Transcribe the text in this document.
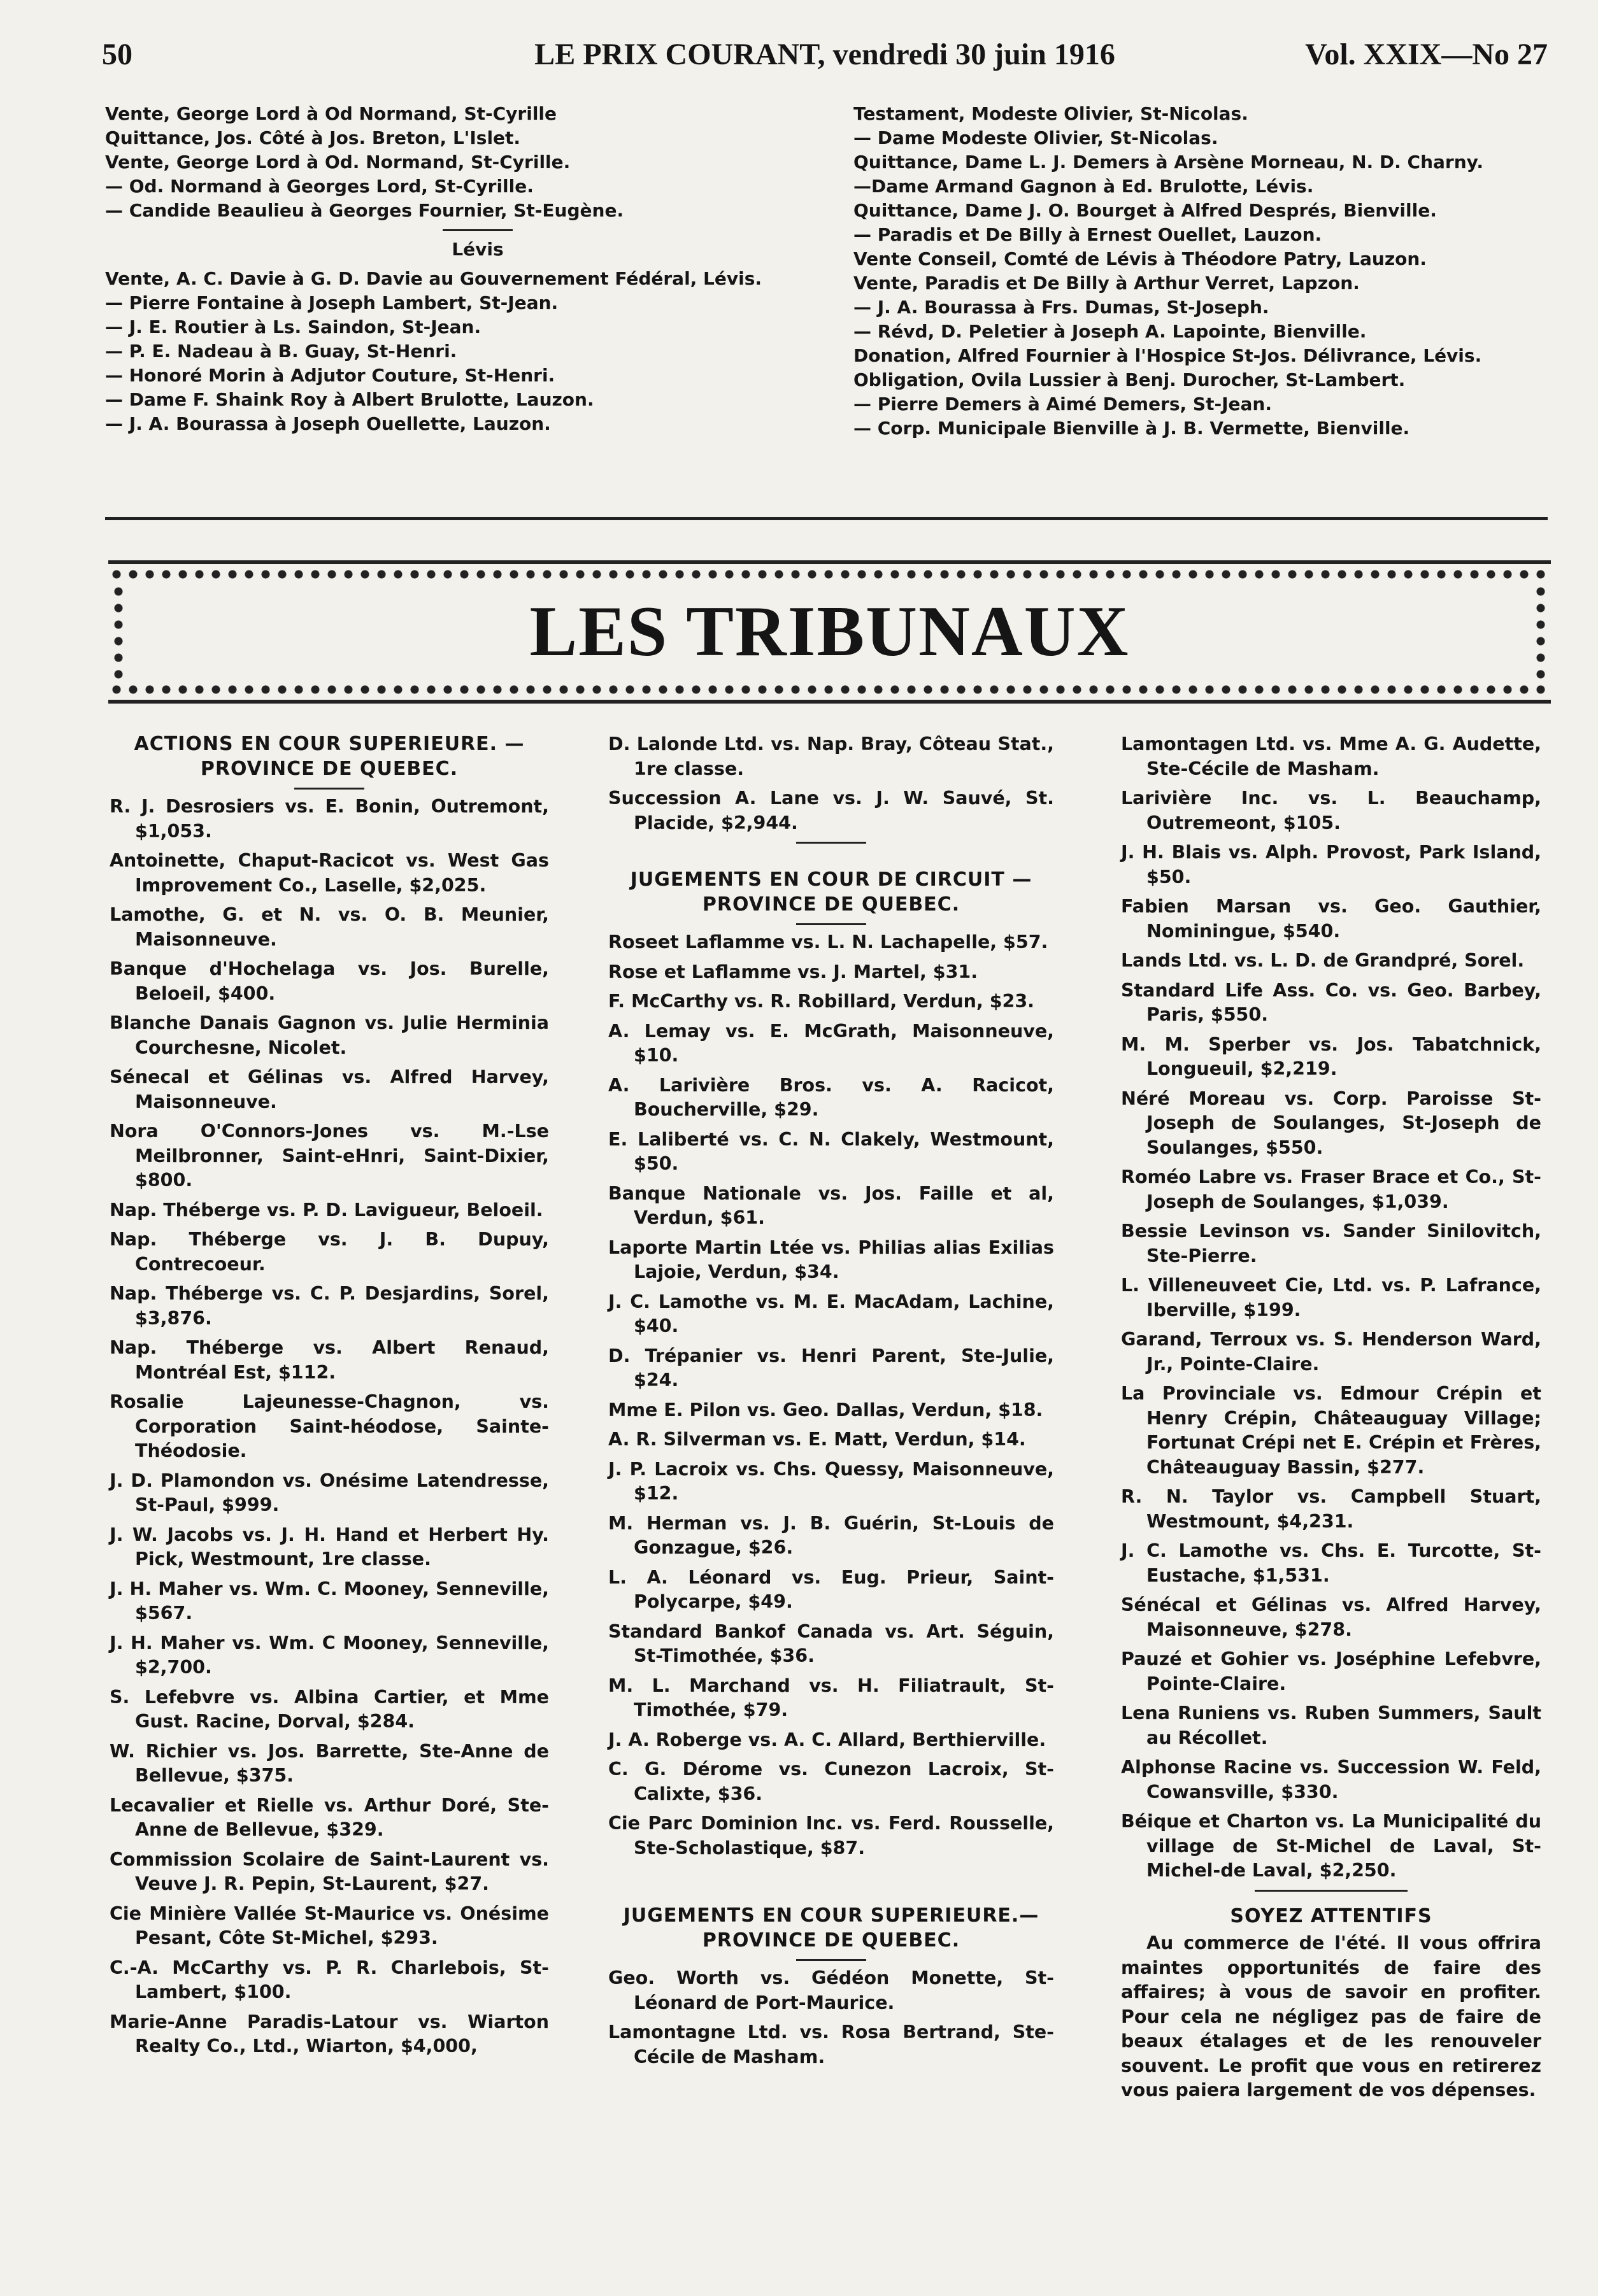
50	LE PRIX COURANT, vendredi 30 juin 1916	Vol. XXIX—No 27

Vente, George Lord à Od Normand, St-Cyrille

Quittance, Jos. Côté à Jos. Breton, L'Islet.

Vente, George Lord à Od. Normand, St-Cyrille.

— Od. Normand à Georges Lord, St-Cyrille.

— Candide Beaulieu à Georges Fournier, St-Eugène.

Lévis

Vente, A. C. Davie à G. D. Davie au Gouvernement Fédéral, Lévis.

— Pierre Fontaine à Joseph Lambert, St-Jean.

— J. E. Routier à Ls. Saindon, St-Jean.

— P. E. Nadeau à B. Guay, St-Henri.

— Honoré Morin à Adjutor Couture, St-Henri.

— Dame F. Shaink Roy à Albert Brulotte, Lauzon.

— J. A. Bourassa à Joseph Ouellette, Lauzon.

Testament, Modeste Olivier, St-Nicolas.

— Dame Modeste Olivier, St-Nicolas.

Quittance, Dame L. J. Demers à Arsène Morneau, N. D. Charny.

—Dame Armand Gagnon à Ed. Brulotte, Lévis.

Quittance, Dame J. O. Bourget à Alfred Després, Bienville.

— Paradis et De Billy à Ernest Ouellet, Lauzon.

Vente Conseil, Comté de Lévis à Théodore Patry, Lauzon.

Vente, Paradis et De Billy à Arthur Verret, Lapzon.

— J. A. Bourassa à Frs. Dumas, St-Joseph.

— Révd, D. Peletier à Joseph A. Lapointe, Bienville.

Donation, Alfred Fournier à l'Hospice St-Jos. Délivrance, Lévis.

Obligation, Ovila Lussier à Benj. Durocher, St-Lambert.

— Pierre Demers à Aimé Demers, St-Jean.

— Corp. Municipale Bienville à J. B. Vermette, Bienville.

LES TRIBUNAUX

ACTIONS EN COUR SUPERIEURE. — PROVINCE DE QUEBEC.

R. J. Desrosiers vs. E. Bonin, Outremont, $1,053.

Antoinette, Chaput-Racicot vs. West Gas Improvement Co., Laselle, $2,025.

Lamothe, G. et N. vs. O. B. Meunier, Maisonneuve.

Banque d'Hochelaga vs. Jos. Burelle, Beloeil, $400.

Blanche Danais Gagnon vs. Julie Herminia Courchesne, Nicolet.

Sénecal et Gélinas vs. Alfred Harvey, Maisonneuve.

Nora O'Connors-Jones vs. M.-Lse Meilbronner, Saint-eHnri, Saint-Dixier, $800.

Nap. Théberge vs. P. D. Lavigueur, Beloeil.

Nap. Théberge vs. J. B. Dupuy, Contrecoeur.

Nap. Théberge vs. C. P. Desjardins, Sorel, $3,876.

Nap. Théberge vs. Albert Renaud, Montréal Est, $112.

Rosalie Lajeunesse-Chagnon, vs. Corporation Saint-héodose, Sainte-Théodosie.

J. D. Plamondon vs. Onésime Latendresse, St-Paul, $999.

J. W. Jacobs vs. J. H. Hand et Herbert Hy. Pick, Westmount, 1re classe.

J. H. Maher vs. Wm. C. Mooney, Senneville, $567.

J. H. Maher vs. Wm. C Mooney, Senneville, $2,700.

S. Lefebvre vs. Albina Cartier, et Mme Gust. Racine, Dorval, $284.

W. Richier vs. Jos. Barrette, Ste-Anne de Bellevue, $375.

Lecavalier et Rielle vs. Arthur Doré, Ste-Anne de Bellevue, $329.

Commission Scolaire de Saint-Laurent vs. Veuve J. R. Pepin, St-Laurent, $27.

Cie Minière Vallée St-Maurice vs. Onésime Pesant, Côte St-Michel, $293.

C.-A. McCarthy vs. P. R. Charlebois, St-Lambert, $100.

Marie-Anne Paradis-Latour vs. Wiarton Realty Co., Ltd., Wiarton, $4,000,

D. Lalonde Ltd. vs. Nap. Bray, Côteau Stat., 1re classe.

Succession A. Lane vs. J. W. Sauvé, St. Placide, $2,944.

JUGEMENTS EN COUR DE CIRCUIT —PROVINCE DE QUEBEC.

Roseet Laflamme vs. L. N. Lachapelle, $57.

Rose et Laflamme vs. J. Martel, $31.

F. McCarthy vs. R. Robillard, Verdun, $23.

A. Lemay vs. E. McGrath, Maisonneuve, $10.

A. Larivière Bros. vs. A. Racicot, Boucherville, $29.

E. Laliberté vs. C. N. Clakely, Westmount, $50.

Banque Nationale vs. Jos. Faille et al, Verdun, $61.

Laporte Martin Ltée vs. Philias alias Exilias Lajoie, Verdun, $34.

J. C. Lamothe vs. M. E. MacAdam, Lachine, $40.

D. Trépanier vs. Henri Parent, Ste-Julie, $24.

Mme E. Pilon vs. Geo. Dallas, Verdun, $18.

A. R. Silverman vs. E. Matt, Verdun, $14.

J. P. Lacroix vs. Chs. Quessy, Maisonneuve, $12.

M. Herman vs. J. B. Guérin, St-Louis de Gonzague, $26.

L. A. Léonard vs. Eug. Prieur, Saint-Polycarpe, $49.

Standard Bankof Canada vs. Art. Séguin, St-Timothée, $36.

M. L. Marchand vs. H. Filiatrault, St-Timothée, $79.

J. A. Roberge vs. A. C. Allard, Berthierville.

C. G. Dérome vs. Cunezon Lacroix, St-Calixte, $36.

Cie Parc Dominion Inc. vs. Ferd. Rousselle, Ste-Scholastique, $87.

JUGEMENTS EN COUR SUPERIEURE.—PROVINCE DE QUEBEC.

Geo. Worth vs. Gédéon Monette, St-Léonard de Port-Maurice.

Lamontagne Ltd. vs. Rosa Bertrand, Ste-Cécile de Masham.

Lamontagen Ltd. vs. Mme A. G. Audette, Ste-Cécile de Masham.

Larivière Inc. vs. L. Beauchamp, Outremeont, $105.

J. H. Blais vs. Alph. Provost, Park Island, $50.

Fabien Marsan vs. Geo. Gauthier, Nominingue, $540.

Lands Ltd. vs. L. D. de Grandpré, Sorel.

Standard Life Ass. Co. vs. Geo. Barbey, Paris, $550.

M. M. Sperber vs. Jos. Tabatchnick, Longueuil, $2,219.

Néré Moreau vs. Corp. Paroisse St-Joseph de Soulanges, St-Joseph de Soulanges, $550.

Roméo Labre vs. Fraser Brace et Co., St-Joseph de Soulanges, $1,039.

Bessie Levinson vs. Sander Sinilovitch, Ste-Pierre.

L. Villeneuveet Cie, Ltd. vs. P. Lafrance, Iberville, $199.

Garand, Terroux vs. S. Henderson Ward, Jr., Pointe-Claire.

La Provinciale vs. Edmour Crépin et Henry Crépin, Châteauguay Village; Fortunat Crépi net E. Crépin et Frères, Châteauguay Bassin, $277.

R. N. Taylor vs. Campbell Stuart, Westmount, $4,231.

J. C. Lamothe vs. Chs. E. Turcotte, St-Eustache, $1,531.

Sénécal et Gélinas vs. Alfred Harvey, Maisonneuve, $278.

Pauzé et Gohier vs. Joséphine Lefebvre, Pointe-Claire.

Lena Runiens vs. Ruben Summers, Sault au Récollet.

Alphonse Racine vs. Succession W. Feld, Cowansville, $330.

Béique et Charton vs. La Municipalité du village de St-Michel de Laval, St-Michel-de Laval, $2,250.

SOYEZ ATTENTIFS

Au commerce de l'été. Il vous offrira maintes opportunités de faire des affaires; à vous de savoir en profiter. Pour cela ne négligez pas de faire de beaux étalages et de les renouveler souvent. Le profit que vous en retirerez vous paiera largement de vos dépenses.
